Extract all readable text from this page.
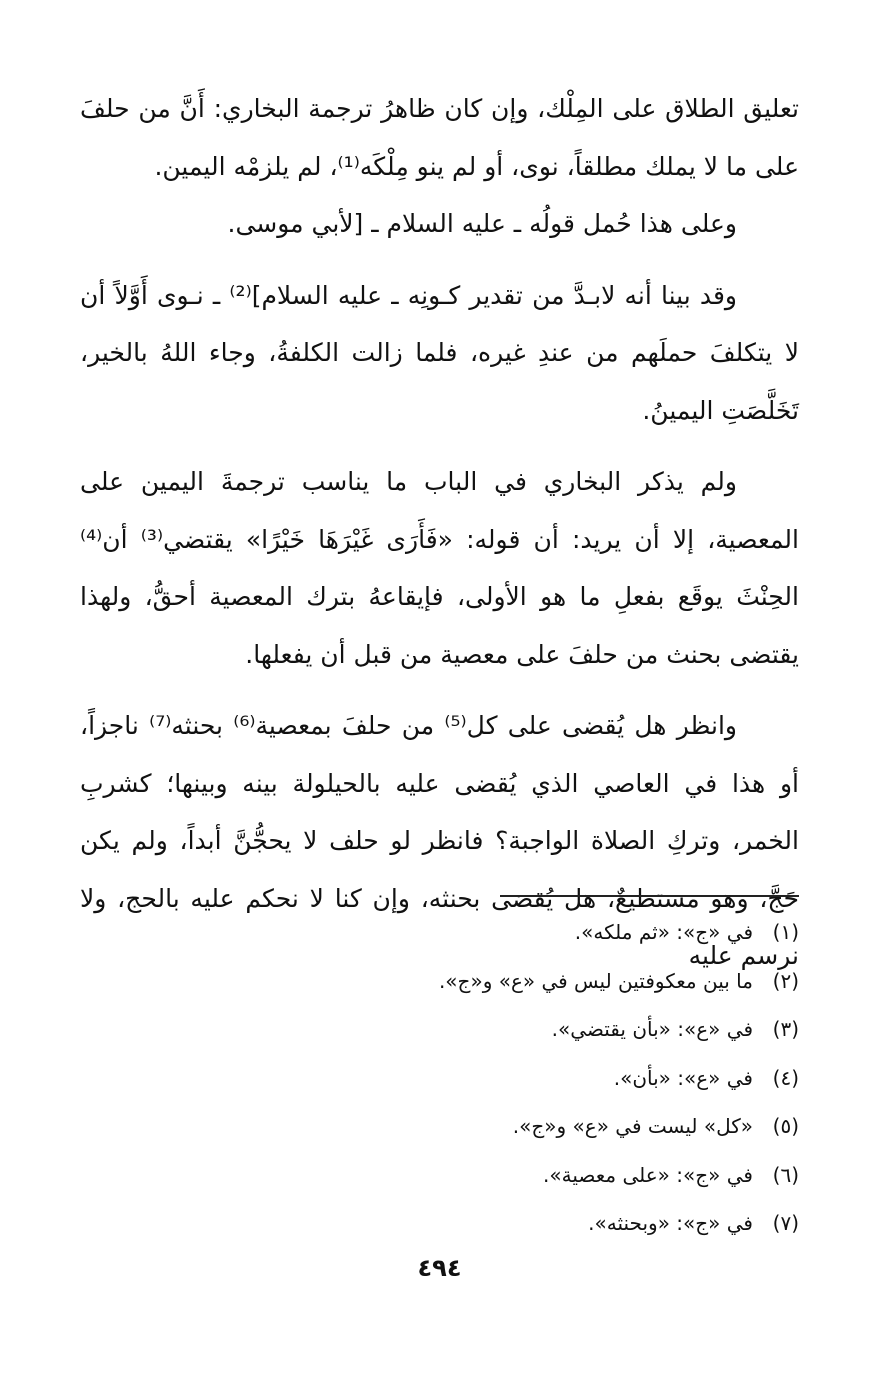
تعليق الطلاق على المِلْك، وإن كان ظاهرُ ترجمة البخاري: أَنَّ من حلفَ على ما لا يملك مطلقاً، نوى، أو لم ينو مِلْكَه⁽¹⁾، لم يلزمْه اليمين.

وعلى هذا حُمل قولُه ـ عليه السلام ـ [لأبي موسى.

وقد بينا أنه لابـدَّ من تقدير كـونِه ـ عليه السلام]⁽²⁾ ـ نـوى أَوَّلاً أن لا يتكلفَ حملَهم من عندِ غيره، فلما زالت الكلفةُ، وجاء اللهُ بالخير، تَخَلَّصَتِ اليمينُ.

ولم يذكر البخاري في الباب ما يناسب ترجمةَ اليمين على المعصية، إلا أن يريد: أن قوله: «فَأَرَى غَيْرَهَا خَيْرًا» يقتضي⁽³⁾ أن⁽⁴⁾ الحِنْثَ يوقَع بفعلِ ما هو الأولى، فإيقاعهُ بترك المعصية أحقُّ، ولهذا يقتضى بحنث من حلفَ على معصية من قبل أن يفعلها.

وانظر هل يُقضى على كل⁽⁵⁾ من حلفَ بمعصية⁽⁶⁾ بحنثه⁽⁷⁾ ناجزاً، أو هذا في العاصي الذي يُقضى عليه بالحيلولة بينه وبينها؛ كشربِ الخمر، وتركِ الصلاة الواجبة؟ فانظر لو حلف لا يحجُّنَّ أبداً، ولم يكن حَجَّ، وهو مستطيعٌ، هل يُقضى بحنثه، وإن كنا لا نحكم عليه بالحج، ولا نرسم عليه

(١)
في «ج»: «ثم ملكه».
(٢)
ما بين معكوفتين ليس في «ع» و«ج».
(٣)
في «ع»: «بأن يقتضي».
(٤)
في «ع»: «بأن».
(٥)
«كل» ليست في «ع» و«ج».
(٦)
في «ج»: «على معصية».
(٧)
في «ج»: «وبحنثه».
٤٩٤
